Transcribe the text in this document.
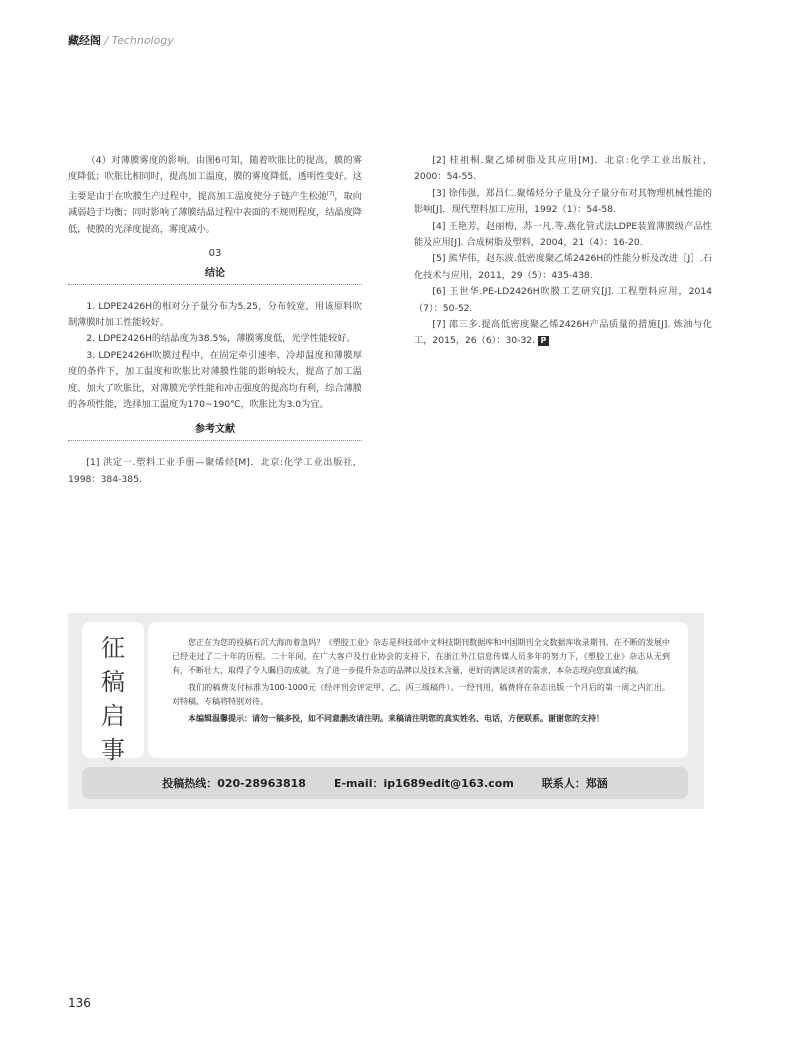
藏经阁 / Technology

（4）对薄膜雾度的影响。由图6可知，随着吹胀比的提高，膜的雾度降低；吹胀比相同时，提高加工温度，膜的雾度降低，透明性变好。这主要是由于在吹膜生产过程中，提高加工温度使分子链产生松弛[7]，取向减弱趋于均衡；同时影响了薄膜结晶过程中表面的不规则程度，结晶度降低，使膜的光泽度提高，雾度减小。

03
结论

1. LDPE2426H的相对分子量分布为5.25，分布较宽，用该原料吹制薄膜时加工性能较好。

2. LDPE2426H的结晶度为38.5%，薄膜雾度低，光学性能较好。

3. LDPE2426H吹膜过程中，在固定牵引速率、冷却温度和薄膜厚度的条件下，加工温度和吹胀比对薄膜性能的影响较大，提高了加工温度、加大了吹胀比，对薄膜光学性能和冲击强度的提高均有利，综合薄膜的各项性能，选择加工温度为170~190℃，吹胀比为3.0为宜。

参考文献

[1] 洪定一.塑料工业手册—聚烯烃[M]．北京:化学工业出版社，1998：384-385.

[2] 桂祖桐.聚乙烯树脂及其应用[M]．北京:化学工业出版社，2000：54-55.

[3] 徐伟强，郑昌仁.聚烯烃分子量及分子量分布对其物理机械性能的影响[J]．现代塑料加工应用，1992（1）：54-58.

[4] 王艳芳，赵丽梅，苏一凡.等.燕化管式法LDPE装置薄膜级产品性能及应用[J]. 合成树脂及塑料，2004，21（4）：16-20.

[5] 熊华伟，赵东波.低密度聚乙烯2426H的性能分析及改进［J］.石化技术与应用，2011，29（5）：435-438.

[6] 王世华.PE-LD2426H吹膜工艺研究[J]. 工程塑料应用，2014（7）：50-52.

[7] 邵三多.提高低密度聚乙烯2426H产品质量的措施[J]. 炼油与化工，2015，26（6）：30-32. P

征
稿
启
事

您正在为您的投稿石沉大海而着急吗？《塑胶工业》杂志是科技部中文科技期刊数据库和中国期刊全文数据库收录期刊，在不断的发展中已经走过了二十年的历程。二十年间，在广大客户及行业协会的支持下，在浙江外江信息传媒人员多年的努力下，《塑胶工业》杂志从无到有，不断壮大，取得了令人瞩目的成就。为了进一步提升杂志的品牌以及技术含量，更好的满足读者的需求，本杂志现向您真诚约稿。

我们的稿费支付标准为100-1000元（经评刊会评定甲、乙、丙三级稿件）。一经刊用，稿费将在杂志出版一个月后的第一周之内汇出。对特稿、专稿将特别对待。

本编辑温馨提示：请勿一稿多投，如不同意删改请注明。来稿请注明您的真实姓名、电话，方便联系。谢谢您的支持！

投稿热线：020-28963818	E-mail：ip1689edit@163.com	联系人：郑涵
136
